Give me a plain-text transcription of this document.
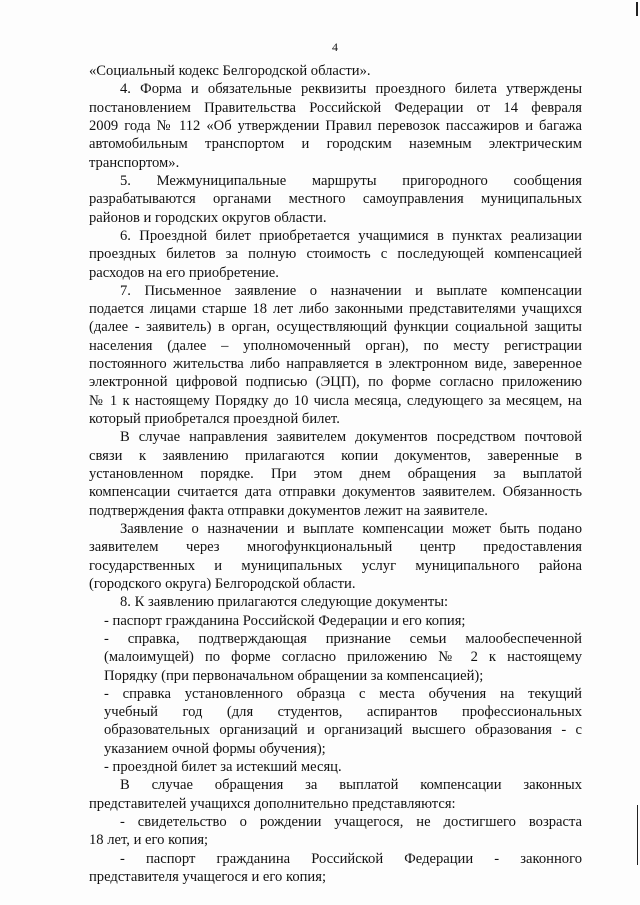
4
«Социальный кодекс Белгородской области».
4. Форма и обязательные реквизиты проездного билета утверждены
постановлением Правительства Российской Федерации от 14 февраля
2009 года № 112 «Об утверждении Правил перевозок пассажиров и багажа
автомобильным транспортом и городским наземным электрическим
транспортом».
5. Межмуниципальные маршруты пригородного сообщения
разрабатываются органами местного самоуправления муниципальных
районов и городских округов области.
6. Проездной билет приобретается учащимися в пунктах реализации
проездных билетов за полную стоимость с последующей компенсацией
расходов на его приобретение.
7. Письменное заявление о назначении и выплате компенсации
подается лицами старше 18 лет либо законными представителями учащихся
(далее - заявитель) в орган, осуществляющий функции социальной защиты
населения (далее – уполномоченный орган), по месту регистрации
постоянного жительства либо направляется в электронном виде, заверенное
электронной цифровой подписью (ЭЦП), по форме согласно приложению
№ 1 к настоящему Порядку до 10 числа месяца, следующего за месяцем, на
который приобретался проездной билет.
В случае направления заявителем документов посредством почтовой
связи к заявлению прилагаются копии документов, заверенные в
установленном порядке. При этом днем обращения за выплатой
компенсации считается дата отправки документов заявителем. Обязанность
подтверждения факта отправки документов лежит на заявителе.
Заявление о назначении и выплате компенсации может быть подано
заявителем через многофункциональный центр предоставления
государственных и муниципальных услуг муниципального района
(городского округа) Белгородской области.
8. К заявлению прилагаются следующие документы:
- паспорт гражданина Российской Федерации и его копия;
- справка, подтверждающая признание семьи малообеспеченной
(малоимущей) по форме согласно приложению № 2 к настоящему
Порядку (при первоначальном обращении за компенсацией);
- справка установленного образца с места обучения на текущий
учебный год (для студентов, аспирантов профессиональных
образовательных организаций и организаций высшего образования - с
указанием очной формы обучения);
- проездной билет за истекший месяц.
В случае обращения за выплатой компенсации законных
представителей учащихся дополнительно представляются:
- свидетельство о рождении учащегося, не достигшего возраста
18 лет, и его копия;
- паспорт гражданина Российской Федерации - законного
представителя учащегося и его копия;
